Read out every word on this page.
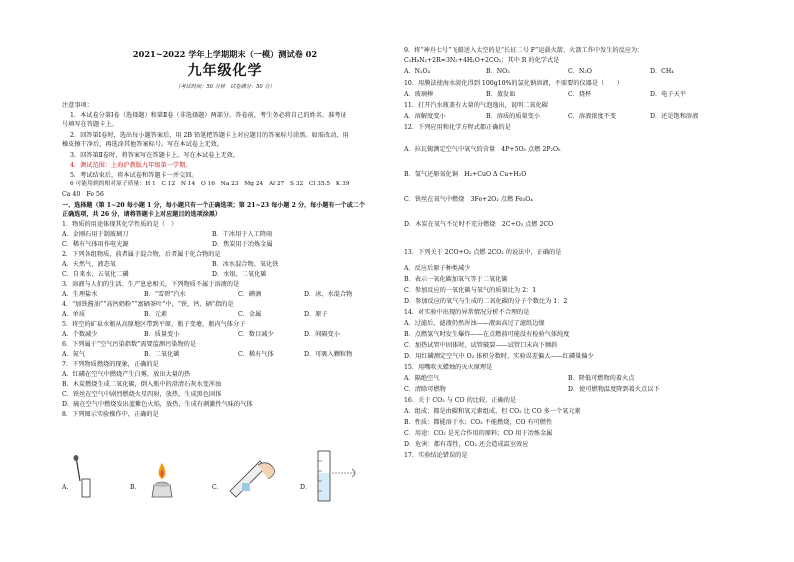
2021~2022 学年上学期期末（一模）测试卷 02
九年级化学
（考试时间：50 分钟　试卷满分：50 分）
注意事项：
1．本试卷分第Ⅰ卷（选择题）和第Ⅱ卷（非选择题）两部分。答卷前，考生务必将自己的姓名、准考证
号填写在答题卡上。
2．回答第Ⅰ卷时，选出每小题答案后，用 2B 铅笔把答题卡上对应题目的答案标号涂黑。如需改动，用
橡皮擦干净后，再选涂其他答案标号。写在本试卷上无效。
3．回答第Ⅱ卷时，将答案写在答题卡上。写在本试卷上无效。
4．测试范围：上海沪教版九年级第一学期。
5．考试结束后，将本试卷和答题卡一并交回。
6 可能用到的相对原子质量：H 1　C 12　N 14　O 16　Na 23　Mg 24　Al 27　S 32　Cl 35.5　K 39
Ca 40　Fe 56
一、选择题（第 1~20 每小题 1 分，每小题只有一个正确选项；第 21~23 每小题 2 分，每小题有一个或二个
正确选项，共 26 分，请将答题卡上对应题目的选项涂黑）
1．物质的用途体现其化学性质的是（　）
A．金刚石用于制玻璃刀	B．干冰用于人工降雨
C．稀有气体用作电光源	D．焦炭用于冶炼金属
2．下列各组物质，前者属于混合物，后者属于化合物的是
A．天然气、液态氧	B．冰水混合物、氧化铁
C．自来水、五氧化二磷	D．水银、二氧化碳
3．溶液与人们的生活、生产息息相关，下列物质不属于溶液的是
A．生理盐水	B．“雪碧”汽水	C．碘酒	D．冰、水混合物
4．“加铁酱油”“高钙奶粉”“富硒茶叶”中，“铁、钙、硒”指的是
A．单质	B．元素	C．金属	D．原子
5．将空的矿泉水瓶从高原地区带到平原，瓶子变瘪，瓶内气体分子
A．个数减少	B．质量变小	C．数目减少	D．间隔变小
6．下列属于“空气污染指数”需要监测污染物的是
A．氮气	B．二氧化碳	C．稀有气体	D．可吸入颗粒物
7．下列物质燃烧的现象，正确的是
A．红磷在空气中燃烧产生白雾，放出大量的热
B．木炭燃烧生成二氧化碳，倒入瓶中的澄清石灰水变浑浊
C．铁丝在空气中剧烈燃烧火星四射，放热，生成黑色固体
D．硫在空气中燃烧发出蓝紫色火焰，放热，生成有刺激性气味的气体
8．下列图示实验操作中，正确的是
A．	B．	C．	D．
9．将“神舟七号”飞船送入太空的是“长征二号 F”运载火箭，火箭工作中发生的反应为：
C₂H₈N₂+2R=3N₂+4H₂O+2CO₂；其中 R 的化学式是
A．N₂O₄	B．NO₂	C．N₂O	D．CH₄
10．用膜法使海水淡化得到 100g10%的氯化钠溶液，不需要的仪器是（　　）
A．玻璃棒	B．蒸发皿	C．烧杯	D．电子天平
11．打开汽水瓶盖有大量的气泡逸出，说明二氧化碳
A．溶解度变小	B．溶质的质量变小	C．溶液浓度不变	D．还是饱和溶液
12．下列应用和化学方程式都正确的是
A．拉瓦锡测定空气中氧气的含量　4P+5O₂ 点燃 2P₂O₅
B．氢气还原氧化铜　H₂+CuO Δ Cu+H₂O
C．铁丝在氧气中燃烧　3Fe+2O₂ 点燃 Fe₃O₄
D．木炭在氧气不足时不充分燃烧　2C+O₂ 点燃 2CO
13．下列关于 2CO+O₂ 点燃 2CO₂ 的说法中，正确的是
A．反应后原子种类减少
B．表示一氧化碳加氧气等于二氧化碳
C．参加反应的一氧化碳与氧气的质量比为 2：1
D．参加反应的氧气与生成的二氧化碳的分子个数比为 1：2
14．对实验中出现的异常情况分析不合理的是
A．过滤后，滤液仍然浑浊——液面高过了滤纸边缘
B．点燃氢气时发生爆炸——在点燃前可能没有检验气体纯度
C．加热试管中固体时，试管破裂——试管口未向下倾斜
D．用红磷测定空气中 O₂ 体积分数时，实验误差偏大——红磷量偏少
15．用嘴吹灭蜡烛的灭火原理是
A．隔绝空气	B．降低可燃物的着火点
C．清除可燃物	D．使可燃物温度降到着火点以下
16．关于 CO₂ 与 CO 的比较，正确的是
A．组成：都是由碳和氧元素组成，但 CO₂ 比 CO 多一个氧元素
B．性质：都能溶于水；CO₂ 不能燃烧，CO 有可燃性
C．用途：CO₂ 是光合作用的原料；CO 用于冶炼金属
D．危害：都有毒性，CO₂ 还会造成温室效应
17．实验结论错误的是
